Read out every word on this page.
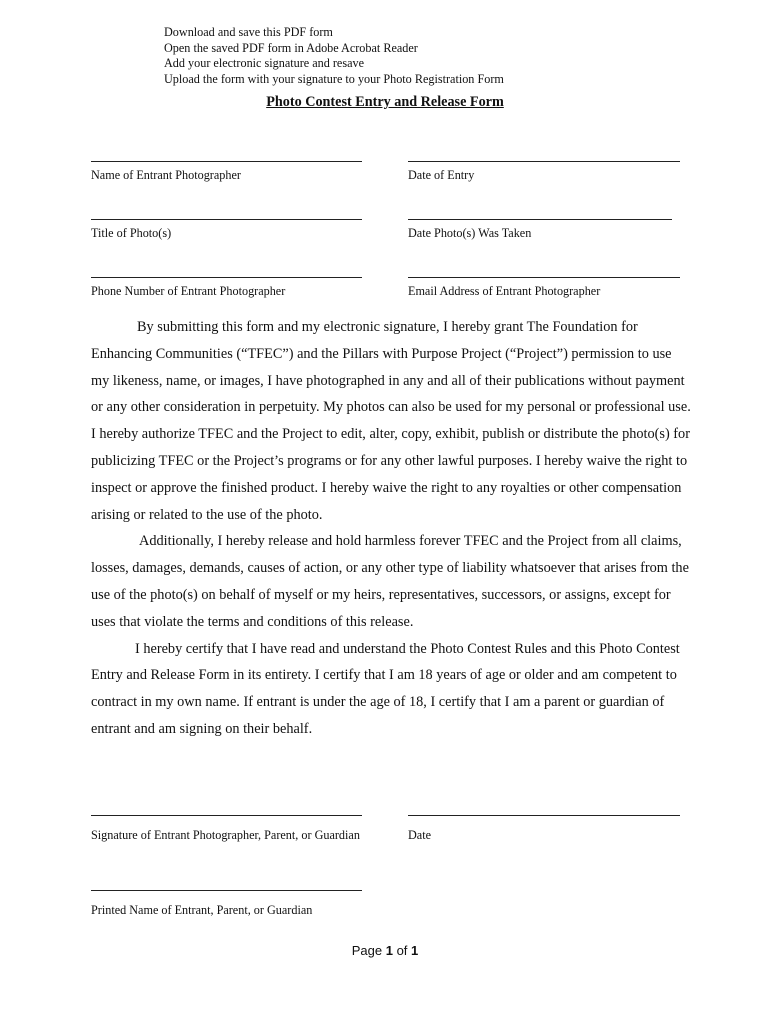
Download and save this PDF form
Open the saved PDF form in Adobe Acrobat Reader
Add your electronic signature and resave
Upload the form with your signature to your Photo Registration Form
Photo Contest Entry and Release Form
Name of Entrant Photographer	Date of Entry
Title of Photo(s)	Date Photo(s) Was Taken
Phone Number of Entrant Photographer	Email Address of Entrant Photographer

By submitting this form and my electronic signature, I hereby grant The Foundation for Enhancing Communities (“TFEC”) and the Pillars with Purpose Project (“Project”) permission to use my likeness, name, or images, I have photographed in any and all of their publications without payment or any other consideration in perpetuity. My photos can also be used for my personal or professional use. I hereby authorize TFEC and the Project to edit, alter, copy, exhibit, publish or distribute the photo(s) for publicizing TFEC or the Project’s programs or for any other lawful purposes. I hereby waive the right to inspect or approve the finished product. I hereby waive the right to any royalties or other compensation arising or related to the use of the photo.

Additionally, I hereby release and hold harmless forever TFEC and the Project from all claims, losses, damages, demands, causes of action, or any other type of liability whatsoever that arises from the use of the photo(s) on behalf of myself or my heirs, representatives, successors, or assigns, except for uses that violate the terms and conditions of this release.

I hereby certify that I have read and understand the Photo Contest Rules and this Photo Contest Entry and Release Form in its entirety. I certify that I am 18 years of age or older and am competent to contract in my own name. If entrant is under the age of 18, I certify that I am a parent or guardian of entrant and am signing on their behalf.

Signature of Entrant Photographer, Parent, or Guardian	Date
Printed Name of Entrant, Parent, or Guardian
Page 1 of 1
